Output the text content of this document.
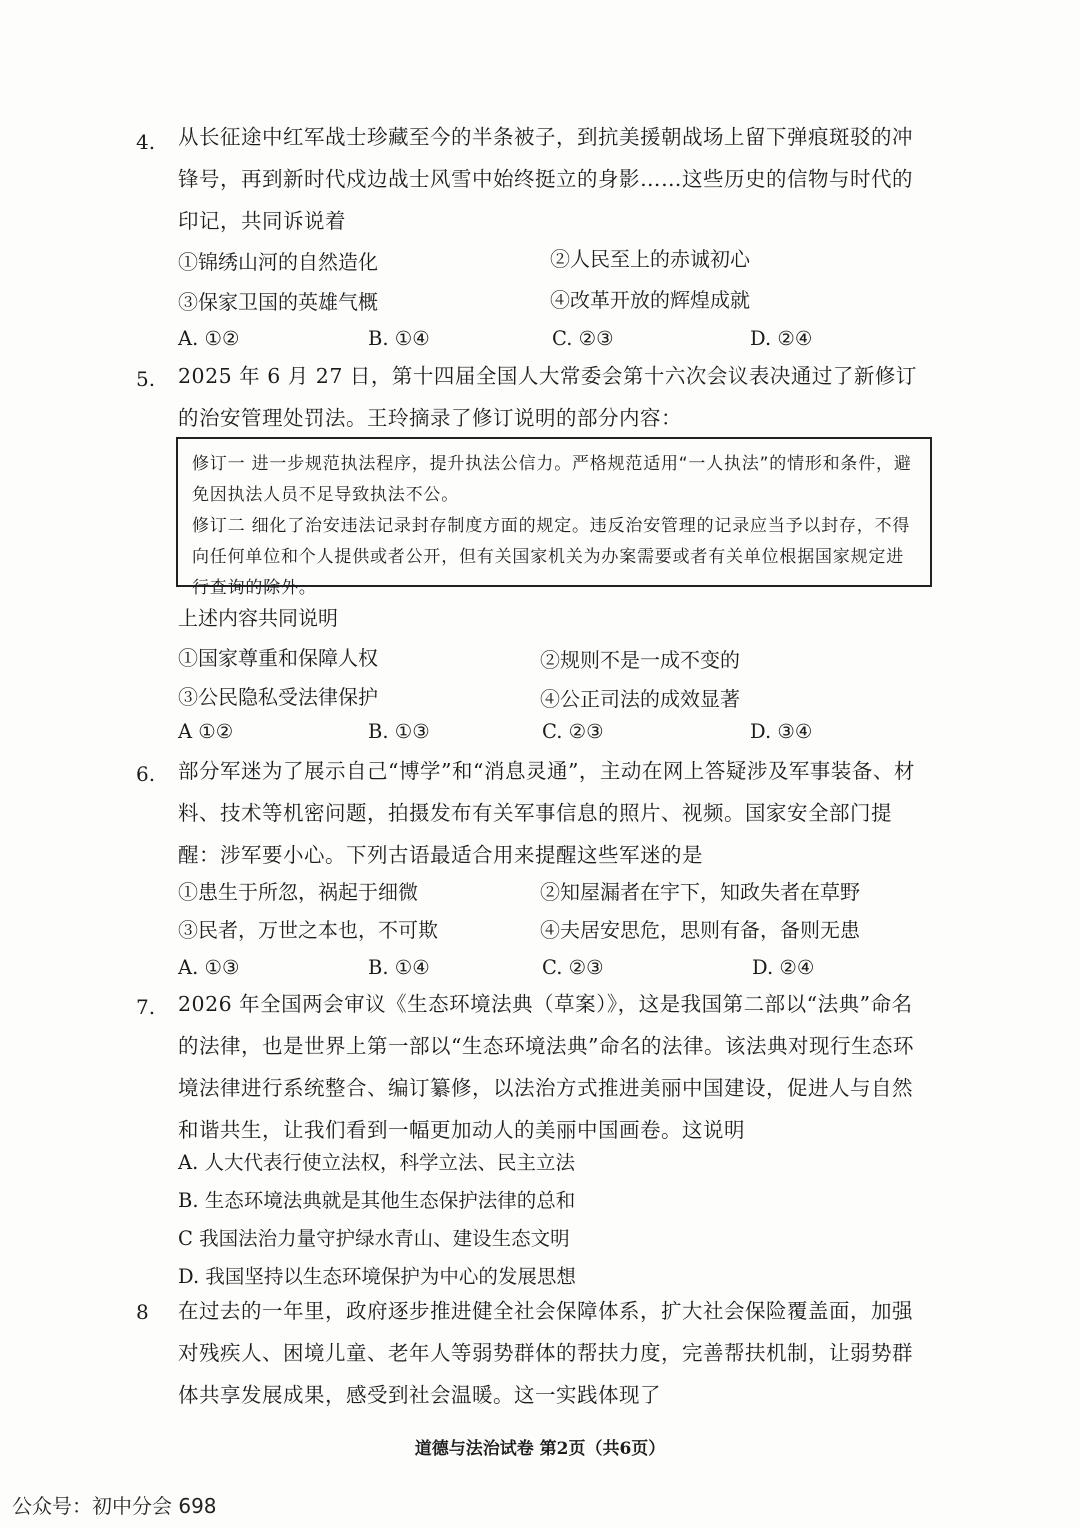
4. 从长征途中红军战士珍藏至今的半条被子，到抗美援朝战场上留下弹痕斑驳的冲锋号，再到新时代戍边战士风雪中始终挺立的身影……这些历史的信物与时代的印记，共同诉说着
①锦绣山河的自然造化	②人民至上的赤诚初心
③保家卫国的英雄气概	④改革开放的辉煌成就
A. ①②	B. ①④	C. ②③	D. ②④
5. 2025 年 6 月 27 日，第十四届全国人大常委会第十六次会议表决通过了新修订的治安管理处罚法。王玲摘录了修订说明的部分内容：

修订一 进一步规范执法程序，提升执法公信力。严格规范适用“一人执法”的情形和条件，避免因执法人员不足导致执法不公。

修订二 细化了治安违法记录封存制度方面的规定。违反治安管理的记录应当予以封存，不得向任何单位和个人提供或者公开，但有关国家机关为办案需要或者有关单位根据国家规定进行查询的除外。

上述内容共同说明
①国家尊重和保障人权	②规则不是一成不变的
③公民隐私受法律保护	④公正司法的成效显著
A ①②	B. ①③	C. ②③	D. ③④
6. 部分军迷为了展示自己“博学”和“消息灵通”，主动在网上答疑涉及军事装备、材料、技术等机密问题，拍摄发布有关军事信息的照片、视频。国家安全部门提醒：涉军要小心。下列古语最适合用来提醒这些军迷的是
①患生于所忽，祸起于细微	②知屋漏者在宇下，知政失者在草野
③民者，万世之本也，不可欺	④夫居安思危，思则有备，备则无患
A. ①③	B. ①④	C. ②③	D. ②④
7. 2026 年全国两会审议《生态环境法典（草案）》，这是我国第二部以“法典”命名的法律，也是世界上第一部以“生态环境法典”命名的法律。该法典对现行生态环境法律进行系统整合、编订纂修，以法治方式推进美丽中国建设，促进人与自然和谐共生，让我们看到一幅更加动人的美丽中国画卷。这说明
A. 人大代表行使立法权，科学立法、民主立法
B. 生态环境法典就是其他生态保护法律的总和
C 我国法治力量守护绿水青山、建设生态文明
D. 我国坚持以生态环境保护为中心的发展思想
8 在过去的一年里，政府逐步推进健全社会保障体系，扩大社会保险覆盖面，加强对残疾人、困境儿童、老年人等弱势群体的帮扶力度，完善帮扶机制，让弱势群体共享发展成果，感受到社会温暖。这一实践体现了
道德与法治试卷 第2页（共6页）
公众号：初中分会 698
